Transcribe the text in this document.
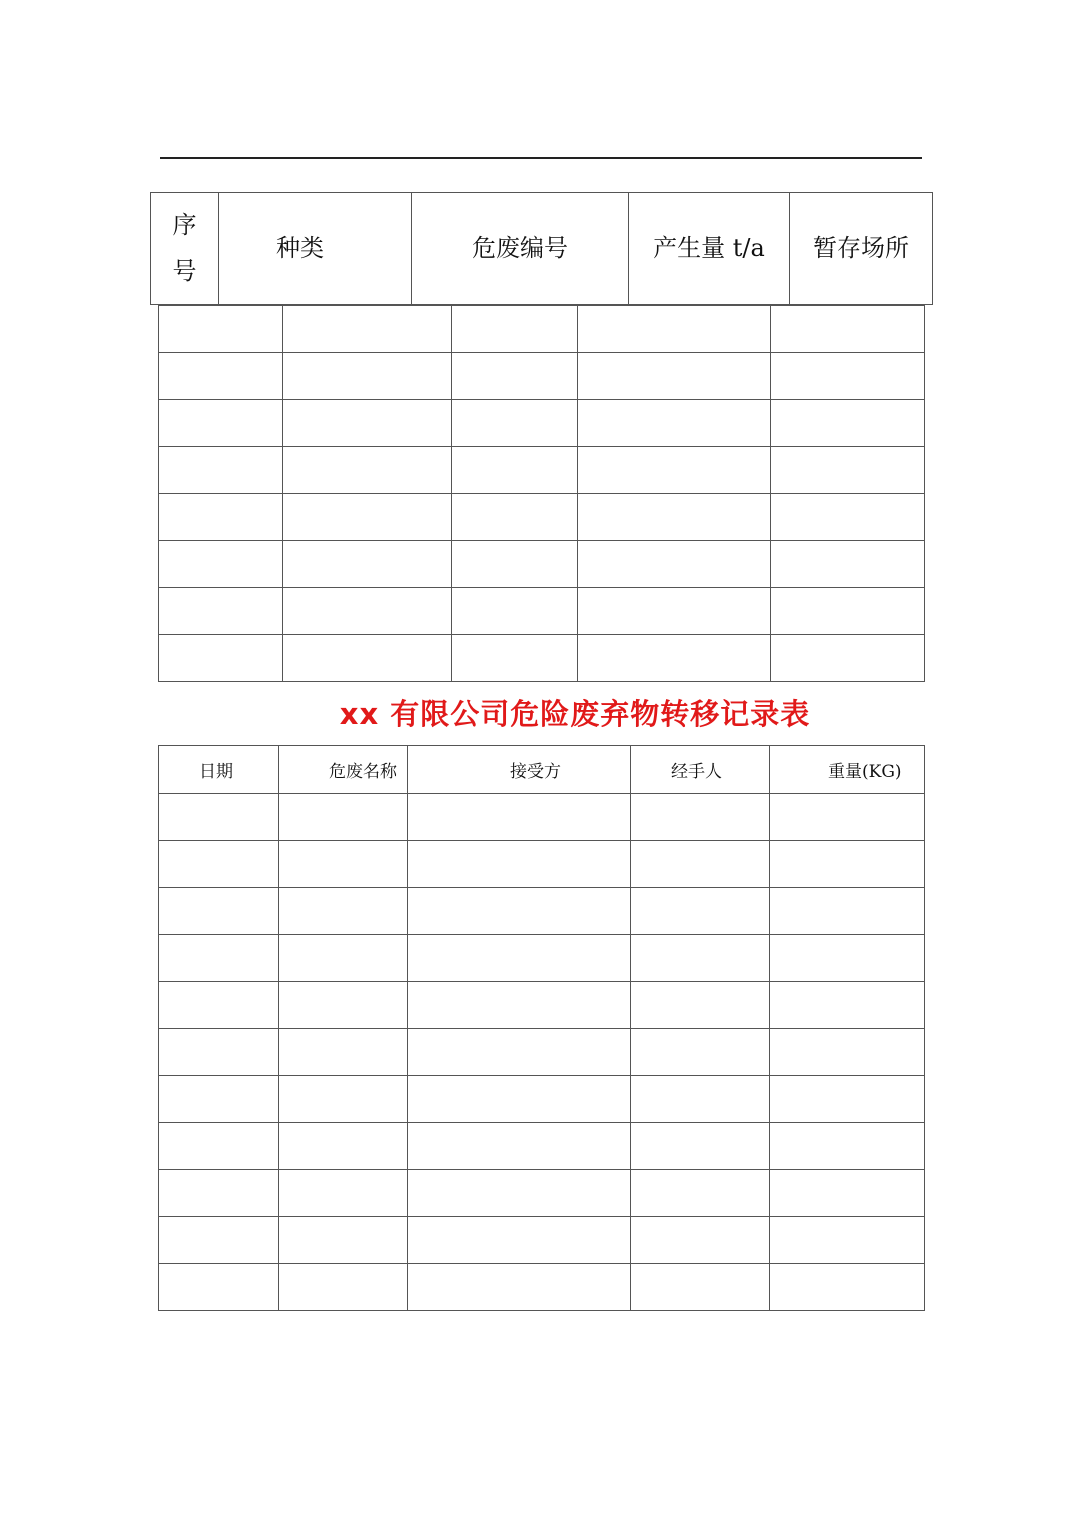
序号	种类	危废编号	产生量 t/a	暂存场所

xx 有限公司危险废弃物转移记录表
日期	危废名称	接受方	经手人	重量(KG)
